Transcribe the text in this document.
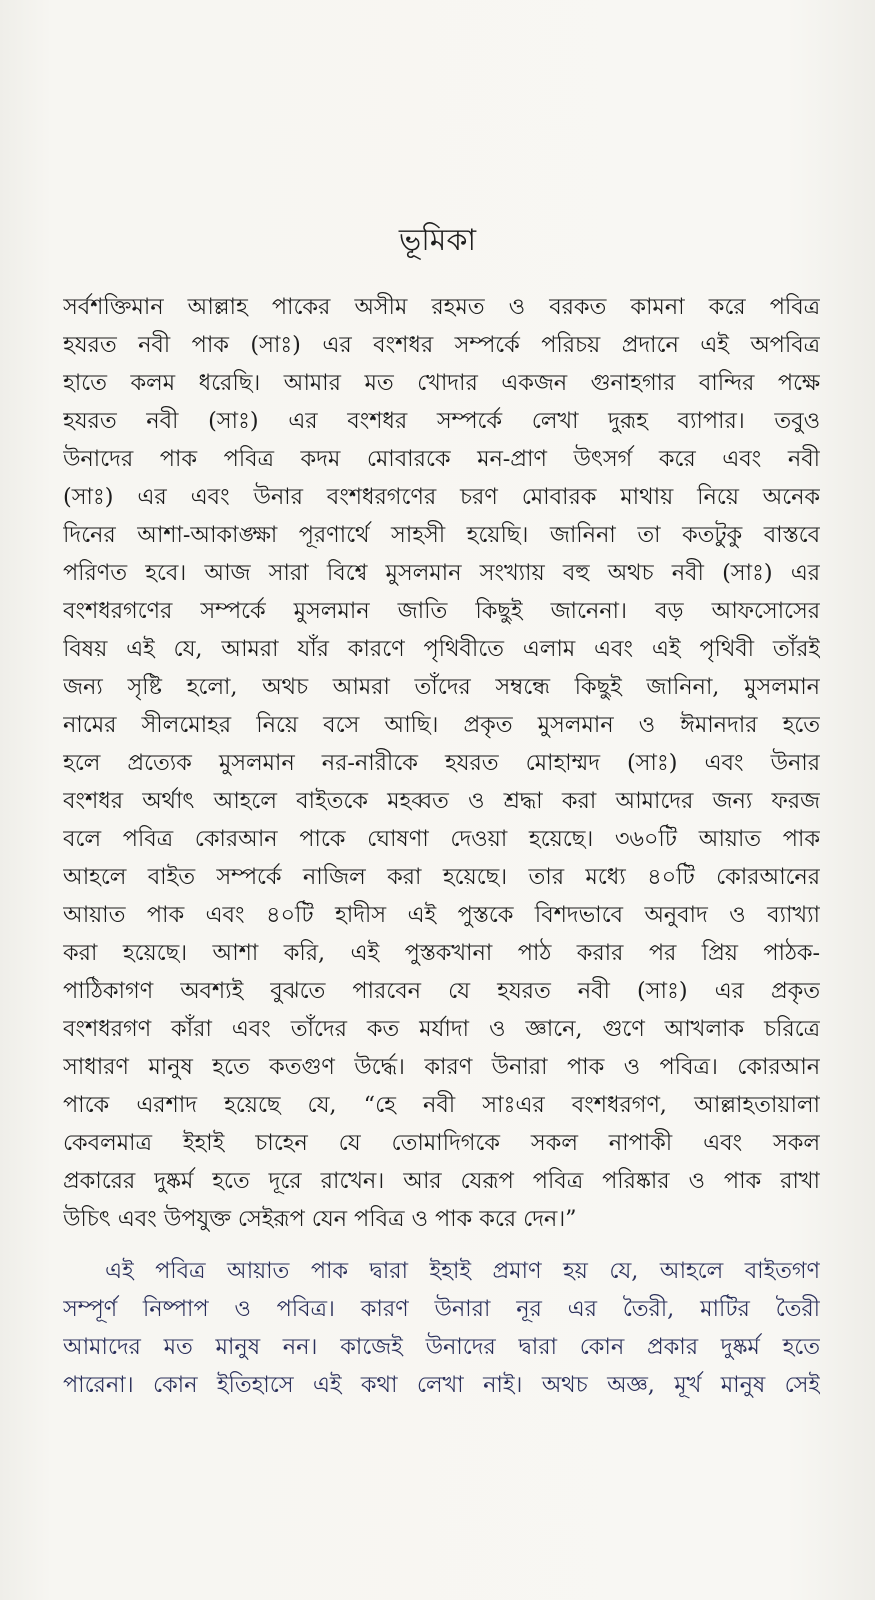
ভূমিকা
সর্বশক্তিমান আল্লাহ পাকের অসীম রহমত ও বরকত কামনা করে পবিত্র
হযরত নবী পাক (সাঃ) এর বংশধর সম্পর্কে পরিচয় প্রদানে এই অপবিত্র
হাতে কলম ধরেছি। আমার মত খোদার একজন গুনাহগার বান্দির পক্ষে
হযরত নবী (সাঃ) এর বংশধর সম্পর্কে লেখা দুরূহ ব্যাপার। তবুও
উনাদের পাক পবিত্র কদম মোবারকে মন-প্রাণ উৎসর্গ করে এবং নবী
(সাঃ) এর এবং উনার বংশধরগণের চরণ মোবারক মাথায় নিয়ে অনেক
দিনের আশা-আকাঙ্ক্ষা পূরণার্থে সাহসী হয়েছি। জানিনা তা কতটুকু বাস্তবে
পরিণত হবে। আজ সারা বিশ্বে মুসলমান সংখ্যায় বহু অথচ নবী (সাঃ) এর
বংশধরগণের সম্পর্কে মুসলমান জাতি কিছুই জানেনা। বড় আফসোসের
বিষয় এই যে, আমরা যাঁর কারণে পৃথিবীতে এলাম এবং এই পৃথিবী তাঁরই
জন্য সৃষ্টি হলো, অথচ আমরা তাঁদের সম্বন্ধে কিছুই জানিনা, মুসলমান
নামের সীলমোহর নিয়ে বসে আছি। প্রকৃত মুসলমান ও ঈমানদার হতে
হলে প্রত্যেক মুসলমান নর-নারীকে হযরত মোহাম্মদ (সাঃ) এবং উনার
বংশধর অর্থাৎ আহলে বাইতকে মহব্বত ও শ্রদ্ধা করা আমাদের জন্য ফরজ
বলে পবিত্র কোরআন পাকে ঘোষণা দেওয়া হয়েছে। ৩৬০টি আয়াত পাক
আহলে বাইত সম্পর্কে নাজিল করা হয়েছে। তার মধ্যে ৪০টি কোরআনের
আয়াত পাক এবং ৪০টি হাদীস এই পুস্তকে বিশদভাবে অনুবাদ ও ব্যাখ্যা
করা হয়েছে। আশা করি, এই পুস্তকখানা পাঠ করার পর প্রিয় পাঠক-
পাঠিকাগণ অবশ্যই বুঝতে পারবেন যে হযরত নবী (সাঃ) এর প্রকৃত
বংশধরগণ কাঁরা এবং তাঁদের কত মর্যাদা ও জ্ঞানে, গুণে আখলাক চরিত্রে
সাধারণ মানুষ হতে কতগুণ উর্দ্ধে। কারণ উনারা পাক ও পবিত্র। কোরআন
পাকে এরশাদ হয়েছে যে, “হে নবী সাঃএর বংশধরগণ, আল্লাহতায়ালা
কেবলমাত্র ইহাই চাহেন যে তোমাদিগকে সকল নাপাকী এবং সকল
প্রকারের দুষ্কর্ম হতে দূরে রাখেন। আর যেরূপ পবিত্র পরিষ্কার ও পাক রাখা
উচিৎ এবং উপযুক্ত সেইরূপ যেন পবিত্র ও পাক করে দেন।”
এই পবিত্র আয়াত পাক দ্বারা ইহাই প্রমাণ হয় যে, আহলে বাইতগণ
সম্পূর্ণ নিষ্পাপ ও পবিত্র। কারণ উনারা নূর এর তৈরী, মাটির তৈরী
আমাদের মত মানুষ নন। কাজেই উনাদের দ্বারা কোন প্রকার দুষ্কর্ম হতে
পারেনা। কোন ইতিহাসে এই কথা লেখা নাই। অথচ অজ্ঞ, মূর্খ মানুষ সেই
